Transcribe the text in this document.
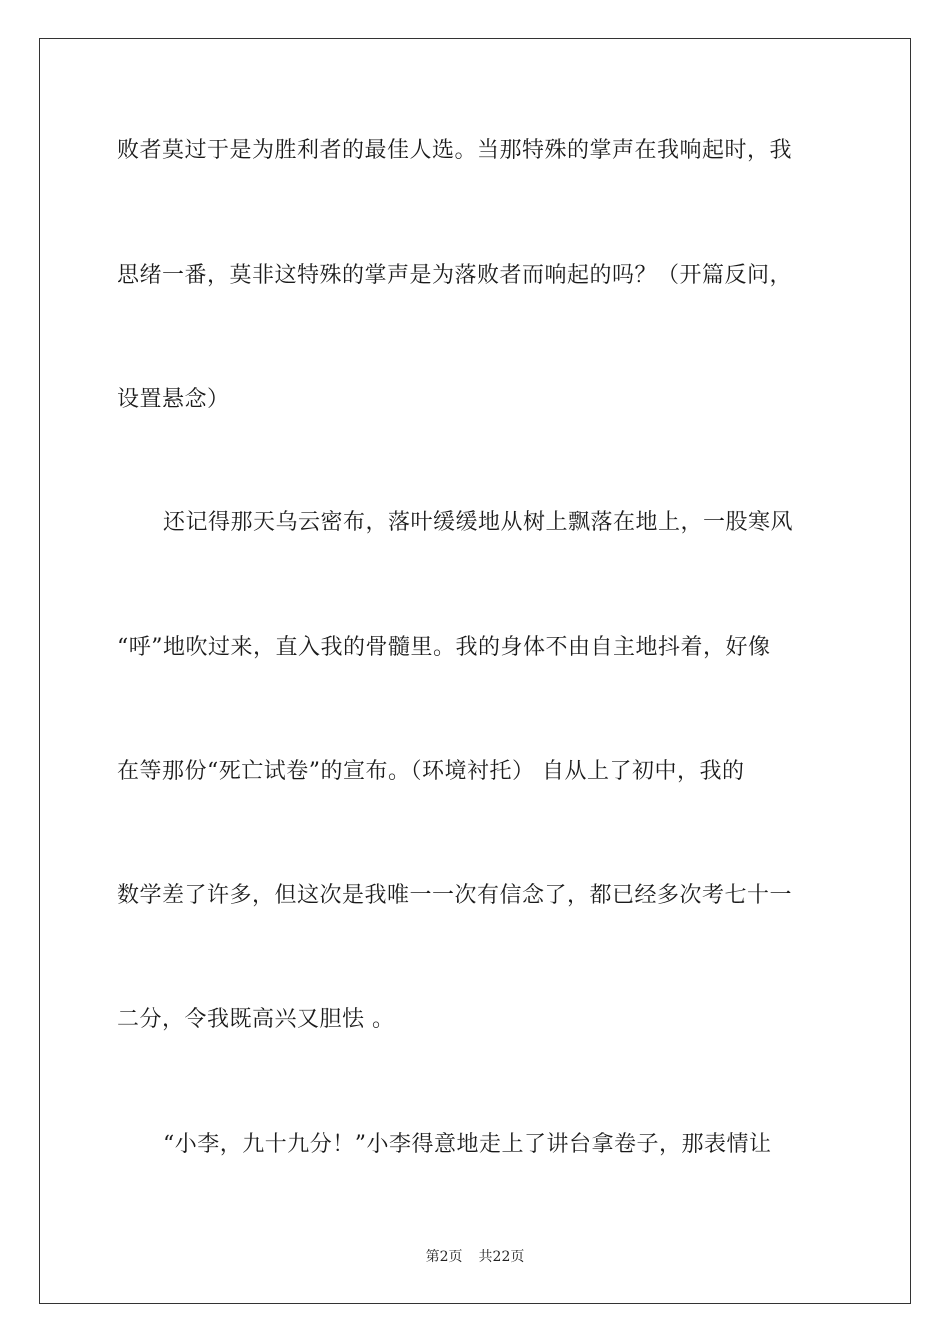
败者莫过于是为胜利者的最佳人选。当那特殊的掌声在我响起时，我
思绪一番，莫非这特殊的掌声是为落败者而响起的吗？（开篇反问，
设置悬念）
还记得那天乌云密布，落叶缓缓地从树上飘落在地上，一股寒风
“呼”地吹过来，直入我的骨髓里。我的身体不由自主地抖着，好像
在等那份“死亡试卷”的宣布。（环境衬托） 自从上了初中，我的
数学差了许多，但这次是我唯一一次有信念了，都已经多次考七十一
二分，令我既高兴又胆怯 。
“小李，九十九分！”小李得意地走上了讲台拿卷子，那表情让
第2页 共22页
